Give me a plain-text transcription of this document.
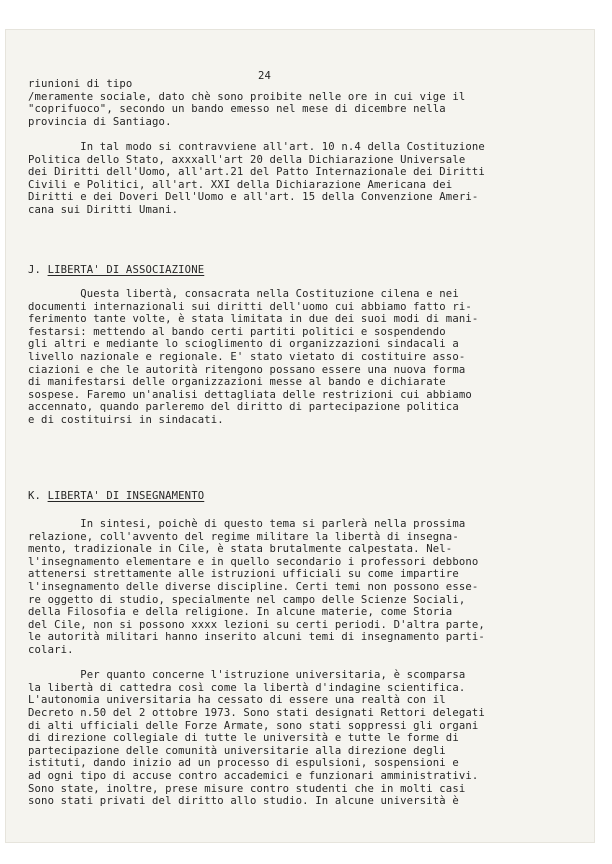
24
riunioni di tipo
/meramente sociale, dato chè sono proibite nelle ore in cui vige il
"coprifuoco", secondo un bando emesso nel mese di dicembre nella
provincia di Santiago.
In tal modo si contravviene all'art. 10 n.4 della Costituzione
Politica dello Stato, axxxall'art 20 della Dichiarazione Universale
dei Diritti dell'Uomo, all'art.21 del Patto Internazionale dei Diritti
Civili e Politici, all'art. XXI della Dichiarazione Americana dei
Diritti e dei Doveri Dell'Uomo e all'art. 15 della Convenzione Ameri-
cana sui Diritti Umani.
J. LIBERTA' DI ASSOCIAZIONE
Questa libertà, consacrata nella Costituzione cilena e nei
documenti internazionali sui diritti dell'uomo cui abbiamo fatto ri-
ferimento tante volte, è stata limitata in due dei suoi modi di mani-
festarsi: mettendo al bando certi partiti politici e sospendendo
gli altri e mediante lo scioglimento di organizzazioni sindacali a
livello nazionale e regionale. E' stato vietato di costituire asso-
ciazioni e che le autorità ritengono possano essere una nuova forma
di manifestarsi delle organizzazioni messe al bando e dichiarate
sospese. Faremo un'analisi dettagliata delle restrizioni cui abbiamo
accennato, quando parleremo del diritto di partecipazione politica
e di costituirsi in sindacati.
K. LIBERTA' DI INSEGNAMENTO
In sintesi, poichè di questo tema si parlerà nella prossima
relazione, coll'avvento del regime militare la libertà di insegna-
mento, tradizionale in Cile, è stata brutalmente calpestata. Nel-
l'insegnamento elementare e in quello secondario i professori debbono
attenersi strettamente alle istruzioni ufficiali su come impartire
l'insegnamento delle diverse discipline. Certi temi non possono esse-
re oggetto di studio, specialmente nel campo delle Scienze Sociali,
della Filosofia e della religione. In alcune materie, come Storia
del Cile, non si possono xxxx lezioni su certi periodi. D'altra parte,
le autorità militari hanno inserito alcuni temi di insegnamento parti-
colari.
Per quanto concerne l'istruzione universitaria, è scomparsa
la libertà di cattedra così come la libertà d'indagine scientifica.
L'autonomia universitaria ha cessato di essere una realtà con il
Decreto n.50 del 2 ottobre 1973. Sono stati designati Rettori delegati
di alti ufficiali delle Forze Armate, sono stati soppressi gli organi
di direzione collegiale di tutte le università e tutte le forme di
partecipazione delle comunità universitarie alla direzione degli
istituti, dando inizio ad un processo di espulsioni, sospensioni e
ad ogni tipo di accuse contro accademici e funzionari amministrativi.
Sono state, inoltre, prese misure contro studenti che in molti casi
sono stati privati del diritto allo studio. In alcune università è
